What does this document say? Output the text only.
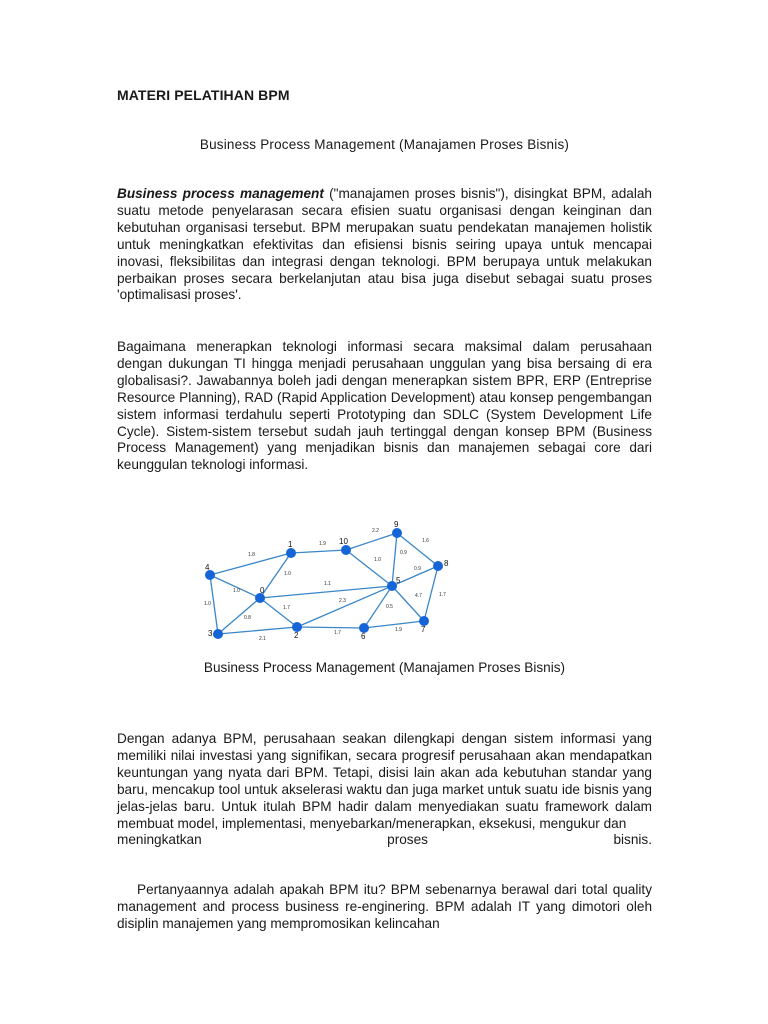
MATERI PELATIHAN BPM
Business Process Management (Manajamen Proses Bisnis)

Business process management ("manajamen proses bisnis"), disingkat BPM, adalah suatu metode penyelarasan secara efisien suatu organisasi dengan keinginan dan kebutuhan organisasi tersebut. BPM merupakan suatu pendekatan manajemen holistik untuk meningkatkan efektivitas dan efisiensi bisnis seiring upaya untuk mencapai inovasi, fleksibilitas dan integrasi dengan teknologi. BPM berupaya untuk melakukan perbaikan proses secara berkelanjutan atau bisa juga disebut sebagai suatu proses 'optimalisasi proses'.

Bagaimana menerapkan teknologi informasi secara maksimal dalam perusahaan dengan dukungan TI hingga menjadi perusahaan unggulan yang bisa bersaing di era globalisasi?. Jawabannya boleh jadi dengan menerapkan sistem BPR, ERP (Entreprise Resource Planning), RAD (Rapid Application Development) atau konsep pengembangan sistem informasi terdahulu seperti Prototyping dan SDLC (System Development Life Cycle). Sistem-sistem tersebut sudah jauh tertinggal dengan konsep BPM (Business Process Management) yang menjadikan bisnis dan manajemen sebagai core dari keunggulan teknologi informasi.

1.8
1.9
2.2
1.6
1.0
1.0
0.9
0.9
1.0
1.1
1.7
2.3
1.0
0.8
2.1
1.7	1.9
0.5
4.7	1.7
0
1
2
3
4
5
6
7
8
9
10
Business Process Management (Manajamen Proses Bisnis)

Dengan adanya BPM, perusahaan seakan dilengkapi dengan sistem informasi yang memiliki nilai investasi yang signifikan, secara progresif perusahaan akan mendapatkan keuntungan yang nyata dari BPM. Tetapi, disisi lain akan ada kebutuhan standar yang baru, mencakup tool untuk akselerasi waktu dan juga market untuk suatu ide bisnis yang jelas-jelas baru. Untuk itulah BPM hadir dalam menyediakan suatu framework dalam membuat model, implementasi, menyebarkan/menerapkan, eksekusi, mengukur dan
meningkatkan proses bisnis.

Pertanyaannya adalah apakah BPM itu? BPM sebenarnya berawal dari total quality management and process business re-enginering. BPM adalah IT yang dimotori oleh disiplin manajemen yang mempromosikan kelincahan
